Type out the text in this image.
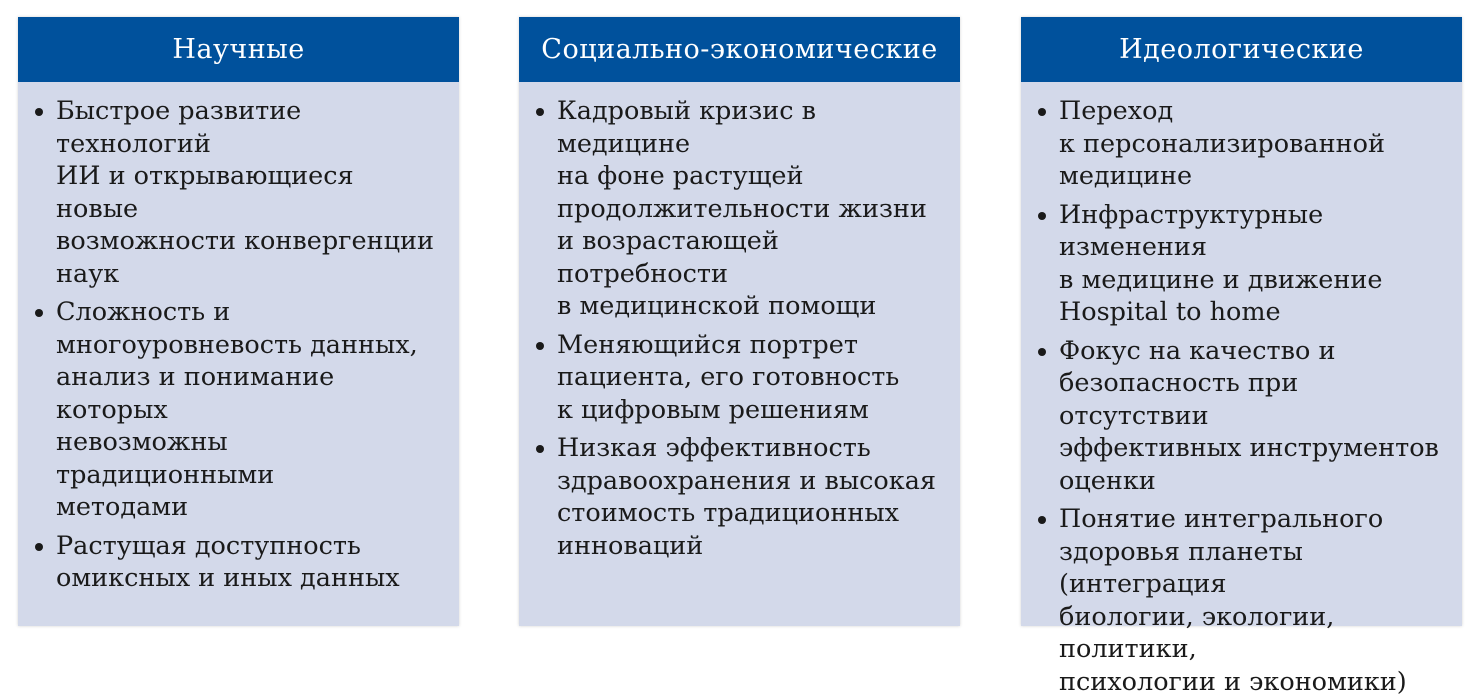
Научные
Быстрое развитие технологий
ИИ и открывающиеся новые
возможности конвергенции
наук
Сложность и
многоуровневость данных,
анализ и понимание которых
невозможны традиционными
методами
Растущая доступность
омиксных и иных данных
Социально-экономические
Кадровый кризис в медицине
на фоне растущей
продолжительности жизни
и возрастающей потребности
в медицинской помощи
Меняющийся портрет
пациента, его готовность
к цифровым решениям
Низкая эффективность
здравоохранения и высокая
стоимость традиционных
инноваций
Идеологические
Переход
к персонализированной
медицине
Инфраструктурные изменения
в медицине и движение
Hospital to home
Фокус на качество и
безопасность при отсутствии
эффективных инструментов
оценки
Понятие интегрального
здоровья планеты (интеграция
биологии, экологии, политики,
психологии и экономики)
